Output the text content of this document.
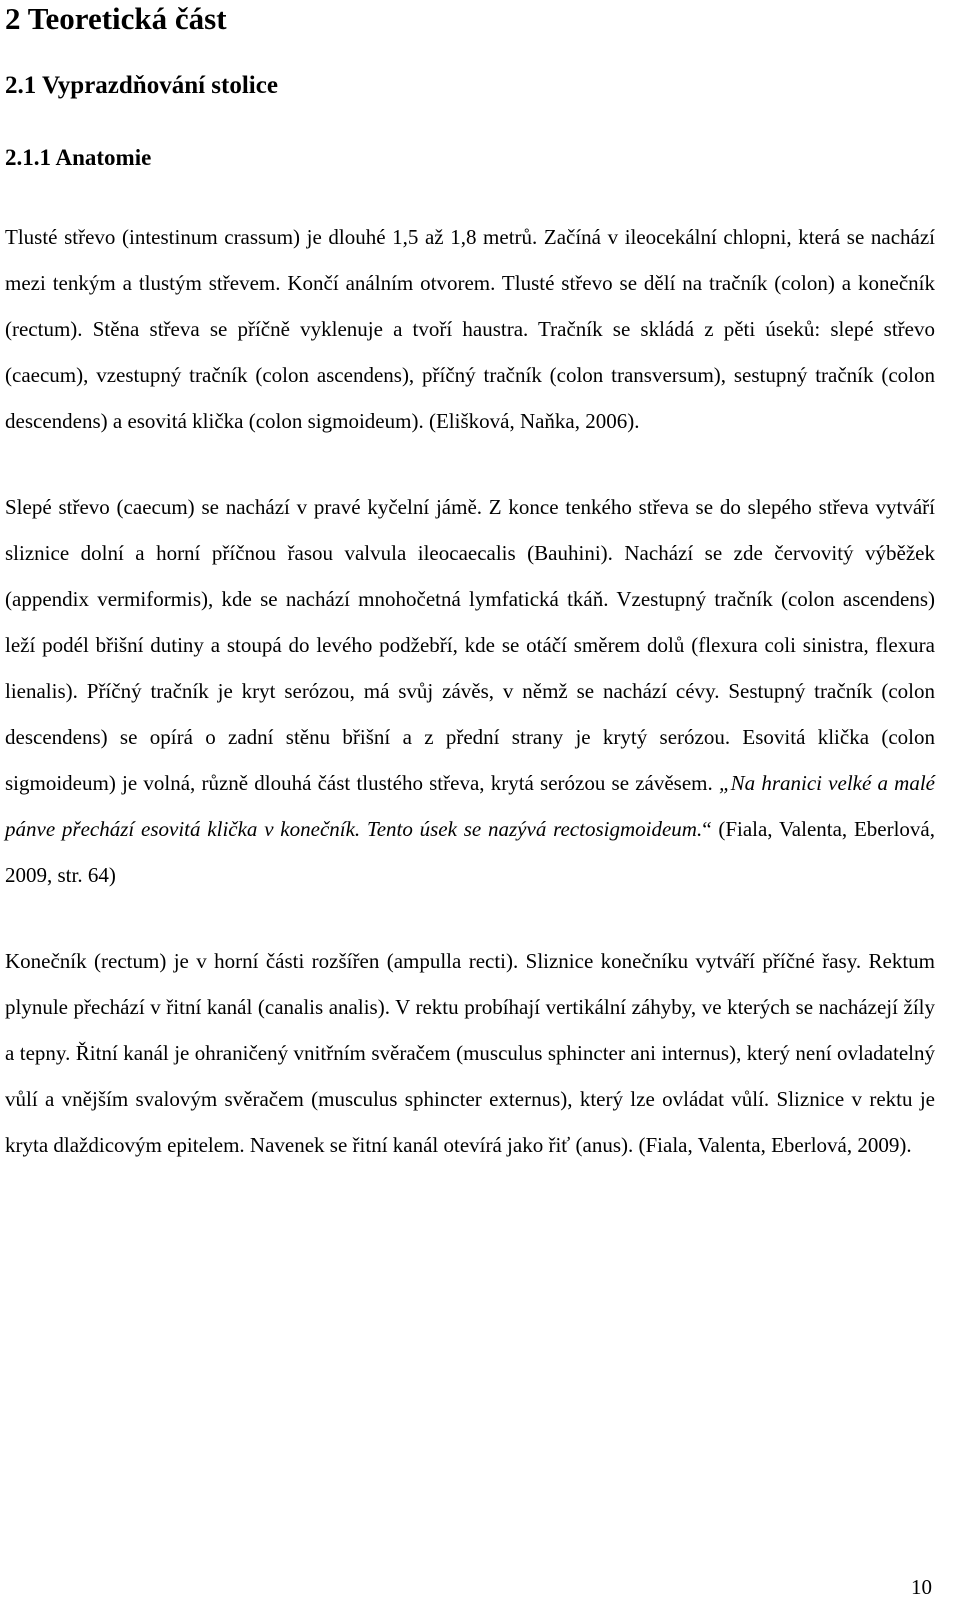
2 Teoretická část
2.1 Vyprazdňování stolice
2.1.1 Anatomie

Tlusté střevo (intestinum crassum) je dlouhé 1,5 až 1,8 metrů. Začíná v ileocekální chlopni, která se nachází mezi tenkým a tlustým střevem. Končí análním otvorem. Tlusté střevo se dělí na tračník (colon) a konečník (rectum). Stěna střeva se příčně vyklenuje a tvoří haustra. Tračník se skládá z pěti úseků: slepé střevo (caecum), vzestupný tračník (colon ascendens), příčný tračník (colon transversum), sestupný tračník (colon descendens) a esovitá klička (colon sigmoideum). (Elišková, Naňka, 2006).

Slepé střevo (caecum) se nachází v pravé kyčelní jámě. Z konce tenkého střeva se do slepého střeva vytváří sliznice dolní a horní příčnou řasou valvula ileocaecalis (Bauhini). Nachází se zde červovitý výběžek (appendix vermiformis), kde se nachází mnohočetná lymfatická tkáň. Vzestupný tračník (colon ascendens) leží podél břišní dutiny a stoupá do levého podžebří, kde se otáčí směrem dolů (flexura coli sinistra, flexura lienalis). Příčný tračník je kryt serózou, má svůj závěs, v němž se nachází cévy. Sestupný tračník (colon descendens) se opírá o zadní stěnu břišní a z přední strany je krytý serózou. Esovitá klička (colon sigmoideum) je volná, různě dlouhá část tlustého střeva, krytá serózou se závěsem. „Na hranici velké a malé pánve přechází esovitá klička v konečník. Tento úsek se nazývá rectosigmoideum.“ (Fiala, Valenta, Eberlová, 2009, str. 64)

Konečník (rectum) je v horní části rozšířen (ampulla recti). Sliznice konečníku vytváří příčné řasy. Rektum plynule přechází v řitní kanál (canalis analis). V rektu probíhají vertikální záhyby, ve kterých se nacházejí žíly a tepny. Řitní kanál je ohraničený vnitřním svěračem (musculus sphincter ani internus), který není ovladatelný vůlí a vnějším svalovým svěračem (musculus sphincter externus), který lze ovládat vůlí. Sliznice v rektu je kryta dlaždicovým epitelem. Navenek se řitní kanál otevírá jako řiť (anus). (Fiala, Valenta, Eberlová, 2009).

10
